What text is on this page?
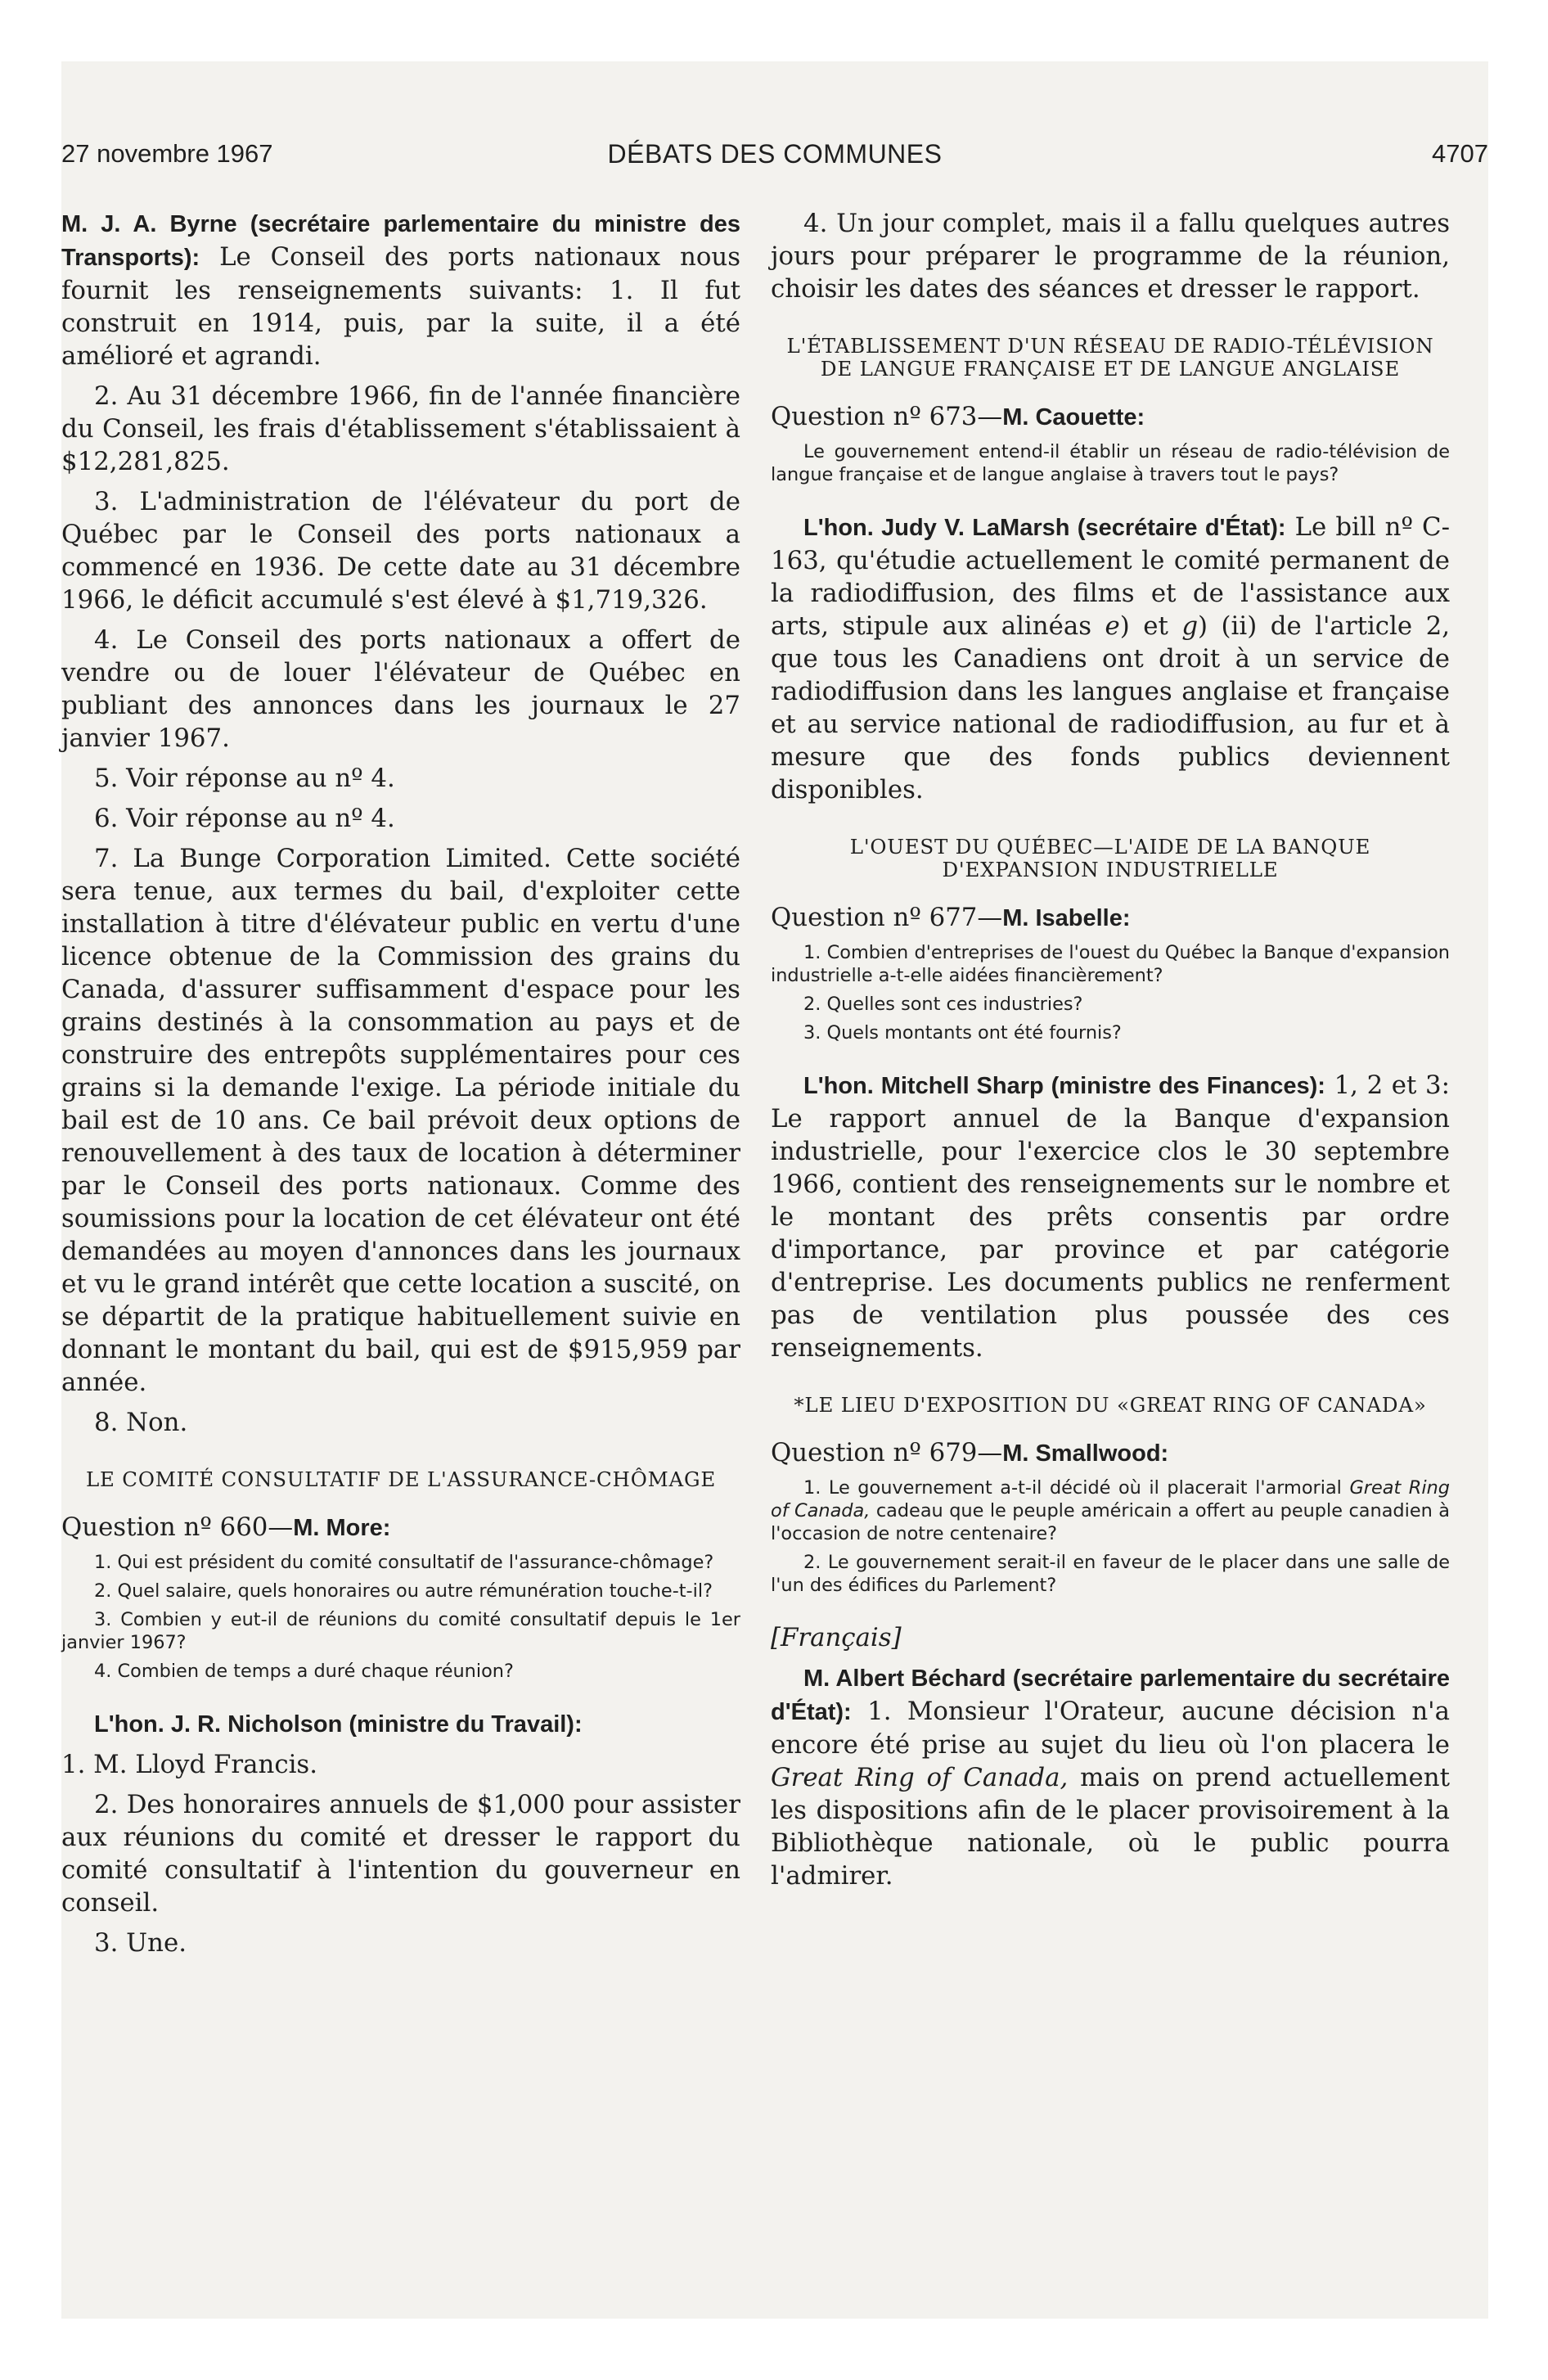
27 novembre 1967	DÉBATS DES COMMUNES	4707

M. J. A. Byrne (secrétaire parlementaire du ministre des Transports): Le Conseil des ports nationaux nous fournit les renseignements suivants: 1. Il fut construit en 1914, puis, par la suite, il a été amélioré et agrandi.

2. Au 31 décembre 1966, fin de l'année financière du Conseil, les frais d'établissement s'établissaient à $12,281,825.

3. L'administration de l'élévateur du port de Québec par le Conseil des ports nationaux a commencé en 1936. De cette date au 31 décembre 1966, le déficit accumulé s'est élevé à $1,719,326.

4. Le Conseil des ports nationaux a offert de vendre ou de louer l'élévateur de Québec en publiant des annonces dans les journaux le 27 janvier 1967.

5. Voir réponse au nº 4.

6. Voir réponse au nº 4.

7. La Bunge Corporation Limited. Cette société sera tenue, aux termes du bail, d'exploiter cette installation à titre d'élévateur public en vertu d'une licence obtenue de la Commission des grains du Canada, d'assurer suffisamment d'espace pour les grains destinés à la consommation au pays et de construire des entrepôts supplémentaires pour ces grains si la demande l'exige. La période initiale du bail est de 10 ans. Ce bail prévoit deux options de renouvellement à des taux de location à déterminer par le Conseil des ports nationaux. Comme des soumissions pour la location de cet élévateur ont été demandées au moyen d'annonces dans les journaux et vu le grand intérêt que cette location a suscité, on se départit de la pratique habituellement suivie en donnant le montant du bail, qui est de $915,959 par année.

8. Non.

LE COMITÉ CONSULTATIF DE L'ASSURANCE-CHÔMAGE

Question nº 660—M. More:

1. Qui est président du comité consultatif de l'assurance-chômage?

2. Quel salaire, quels honoraires ou autre rémunération touche-t-il?

3. Combien y eut-il de réunions du comité consultatif depuis le 1er janvier 1967?

4. Combien de temps a duré chaque réunion?

L'hon. J. R. Nicholson (ministre du Travail):

1. M. Lloyd Francis.

2. Des honoraires annuels de $1,000 pour assister aux réunions du comité et dresser le rapport du comité consultatif à l'intention du gouverneur en conseil.

3. Une.

4. Un jour complet, mais il a fallu quelques autres jours pour préparer le programme de la réunion, choisir les dates des séances et dresser le rapport.

L'ÉTABLISSEMENT D'UN RÉSEAU DE RADIO-TÉLÉVISION DE LANGUE FRANÇAISE ET DE LANGUE ANGLAISE

Question nº 673—M. Caouette:

Le gouvernement entend-il établir un réseau de radio-télévision de langue française et de langue anglaise à travers tout le pays?

L'hon. Judy V. LaMarsh (secrétaire d'État): Le bill nº C-163, qu'étudie actuellement le comité permanent de la radiodiffusion, des films et de l'assistance aux arts, stipule aux alinéas e) et g) (ii) de l'article 2, que tous les Canadiens ont droit à un service de radiodiffusion dans les langues anglaise et française et au service national de radiodiffusion, au fur et à mesure que des fonds publics deviennent disponibles.

L'OUEST DU QUÉBEC—L'AIDE DE LA BANQUE D'EXPANSION INDUSTRIELLE

Question nº 677—M. Isabelle:

1. Combien d'entreprises de l'ouest du Québec la Banque d'expansion industrielle a-t-elle aidées financièrement?

2. Quelles sont ces industries?

3. Quels montants ont été fournis?

L'hon. Mitchell Sharp (ministre des Finances): 1, 2 et 3: Le rapport annuel de la Banque d'expansion industrielle, pour l'exercice clos le 30 septembre 1966, contient des renseignements sur le nombre et le montant des prêts consentis par ordre d'importance, par province et par catégorie d'entreprise. Les documents publics ne renferment pas de ventilation plus poussée des ces renseignements.

*LE LIEU D'EXPOSITION DU «GREAT RING OF CANADA»

Question nº 679—M. Smallwood:

1. Le gouvernement a-t-il décidé où il placerait l'armorial Great Ring of Canada, cadeau que le peuple américain a offert au peuple canadien à l'occasion de notre centenaire?

2. Le gouvernement serait-il en faveur de le placer dans une salle de l'un des édifices du Parlement?

[Français]

M. Albert Béchard (secrétaire parlementaire du secrétaire d'État): 1. Monsieur l'Orateur, aucune décision n'a encore été prise au sujet du lieu où l'on placera le Great Ring of Canada, mais on prend actuellement les dispositions afin de le placer provisoirement à la Bibliothèque nationale, où le public pourra l'admirer.
